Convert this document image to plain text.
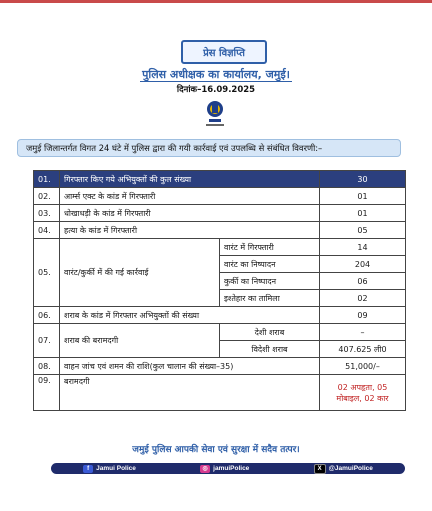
प्रेस विज्ञप्ति
पुलिस अधीक्षक का कार्यालय, जमुई।
दिनांक–16.09.2025
जमुई जिलान्तर्गत विगत 24 घंटे में पुलिस द्वारा की गयी कार्रवाई एवं उपलब्धि से संबंधित विवरणी:–
01.	गिरफ्तार किए गये अभियुक्तों की कुल संख्या		30
02.	आर्म्स एक्ट के कांड में गिरफ्तारी		01
03.	धोखाधड़ी के कांड में गिरफ्तारी		01
04.	हत्या के कांड में गिरफ्तारी		05
05.	वारंट/कुर्की में की गई कार्रवाई	वारंट में गिरफ्तारी	14
		वारंट का निष्पादन	204
		कुर्की का निष्पादन	06
		इश्तेहार का तामिला	02
06.	शराब के कांड में गिरफ्तार अभियुक्तों की संख्या		09
07.	शराब की बरामदगी	देशी शराब	–
		विदेशी शराब	407.625 ली0
08.	वाहन जांच एवं शमन की राशि(कुल चालान की संख्या–35)		51,000/–
09.	बरामदगी		02 अपहृता, 05 मोबाइल, 02 कार
जमुई पुलिस आपकी सेवा एवं सुरक्षा में सदैव तत्पर।
f	Jamui Police	◎ jamuiPolice	X	@JamuiPolice
